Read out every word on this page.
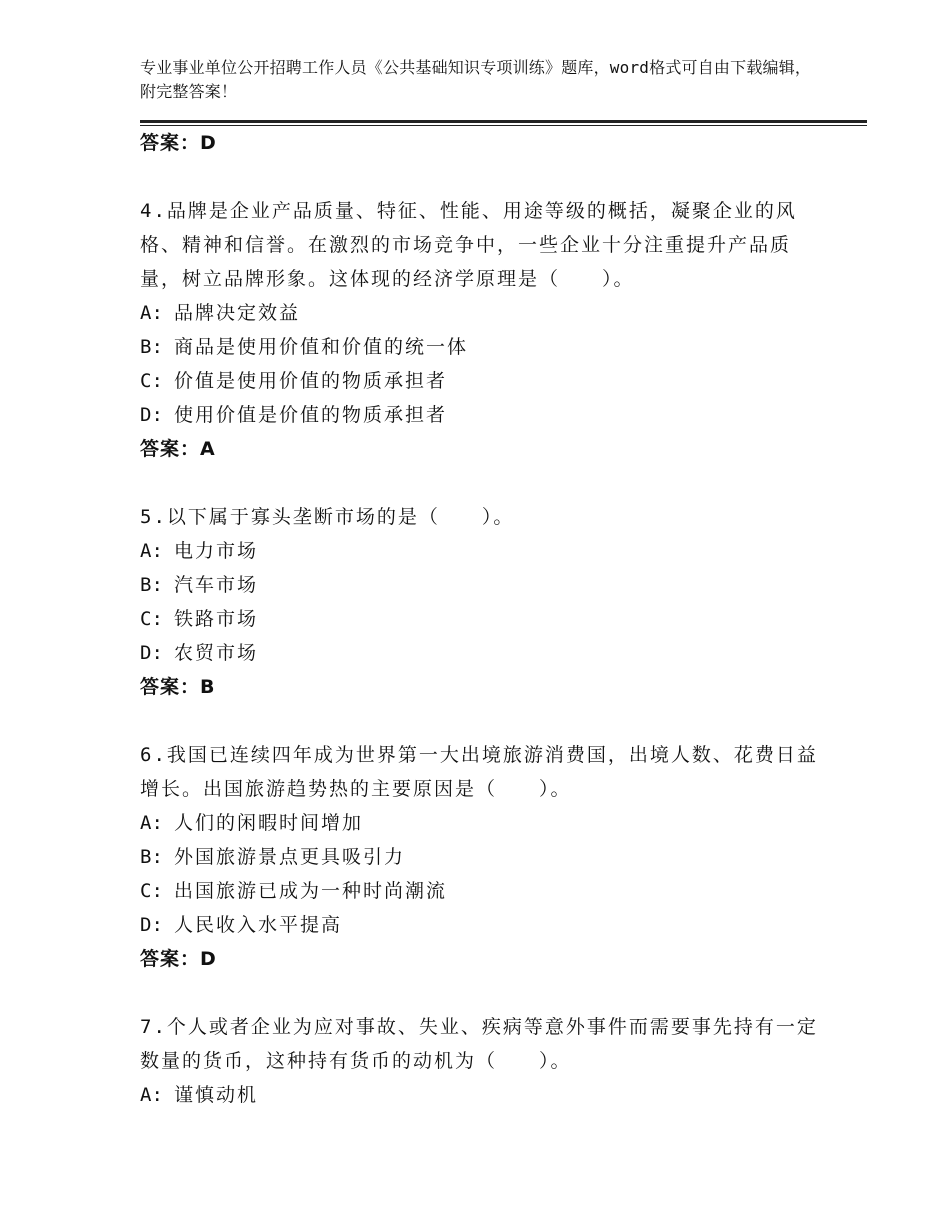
专业事业单位公开招聘工作人员《公共基础知识专项训练》题库，word格式可自由下载编辑，附完整答案！
答案：D
4.品牌是企业产品质量、特征、性能、用途等级的概括，凝聚企业的风格、精神和信誉。在激烈的市场竞争中，一些企业十分注重提升产品质量，树立品牌形象。这体现的经济学原理是（　　）。
A: 品牌决定效益
B: 商品是使用价值和价值的统一体
C: 价值是使用价值的物质承担者
D: 使用价值是价值的物质承担者
答案：A
5.以下属于寡头垄断市场的是（　　）。
A: 电力市场
B: 汽车市场
C: 铁路市场
D: 农贸市场
答案：B
6.我国已连续四年成为世界第一大出境旅游消费国，出境人数、花费日益增长。出国旅游趋势热的主要原因是（　　）。
A: 人们的闲暇时间增加
B: 外国旅游景点更具吸引力
C: 出国旅游已成为一种时尚潮流
D: 人民收入水平提高
答案：D
7.个人或者企业为应对事故、失业、疾病等意外事件而需要事先持有一定数量的货币，这种持有货币的动机为（　　）。
A: 谨慎动机
